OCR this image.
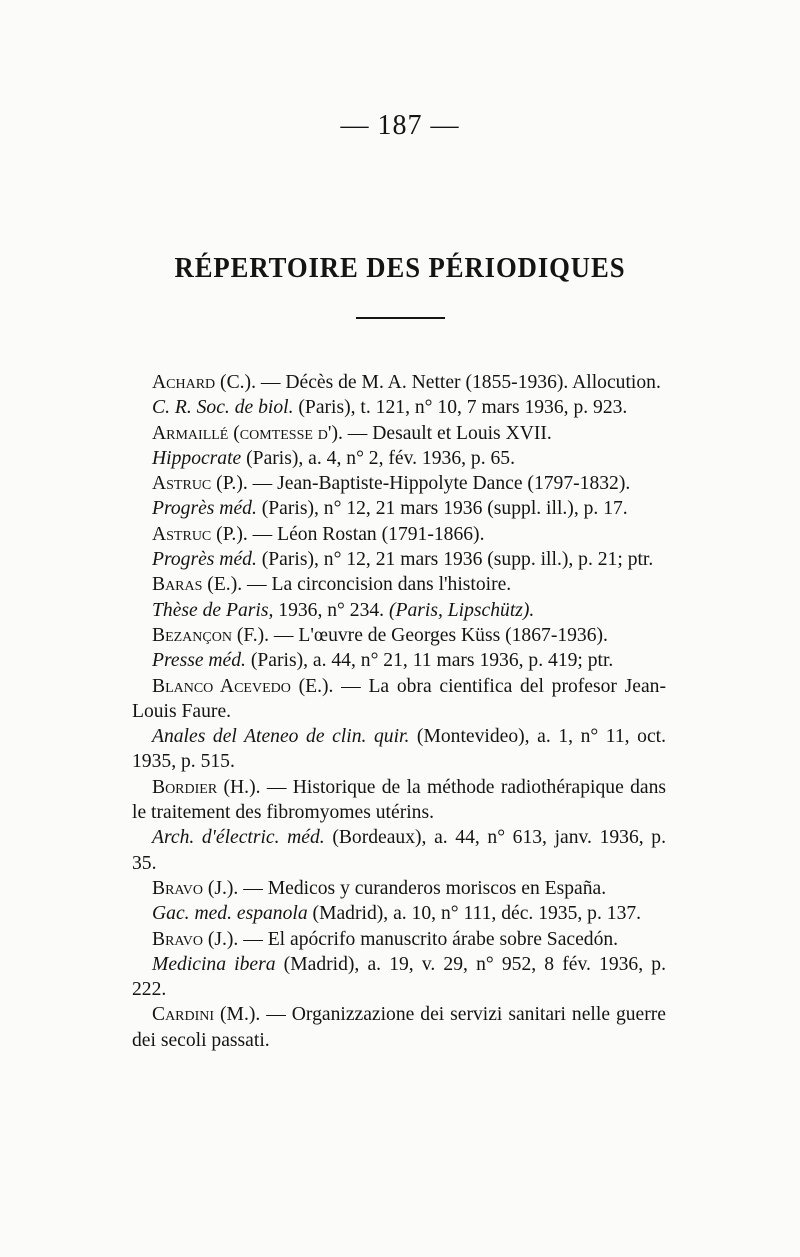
— 187 —
RÉPERTOIRE DES PÉRIODIQUES
Achard (C.). — Décès de M. A. Netter (1855-1936). Allocution.
C. R. Soc. de biol. (Paris), t. 121, n° 10, 7 mars 1936, p. 923.
Armaillé (comtesse d'). — Desault et Louis XVII.
Hippocrate (Paris), a. 4, n° 2, fév. 1936, p. 65.
Astruc (P.). — Jean-Baptiste-Hippolyte Dance (1797-1832).
Progrès méd. (Paris), n° 12, 21 mars 1936 (suppl. ill.), p. 17.
Astruc (P.). — Léon Rostan (1791-1866).
Progrès méd. (Paris), n° 12, 21 mars 1936 (supp. ill.), p. 21; ptr.
Baras (E.). — La circoncision dans l'histoire.
Thèse de Paris, 1936, n° 234. (Paris, Lipschütz).
Bezançon (F.). — L'œuvre de Georges Küss (1867-1936).
Presse méd. (Paris), a. 44, n° 21, 11 mars 1936, p. 419; ptr.
Blanco Acevedo (E.). — La obra cientifica del profesor Jean-Louis Faure.
Anales del Ateneo de clin. quir. (Montevideo), a. 1, n° 11, oct. 1935, p. 515.
Bordier (H.). — Historique de la méthode radiothérapique dans le traitement des fibromyomes utérins.
Arch. d'électric. méd. (Bordeaux), a. 44, n° 613, janv. 1936, p. 35.
Bravo (J.). — Medicos y curanderos moriscos en España.
Gac. med. espanola (Madrid), a. 10, n° 111, déc. 1935, p. 137.
Bravo (J.). — El apócrifo manuscrito árabe sobre Sacedón.
Medicina ibera (Madrid), a. 19, v. 29, n° 952, 8 fév. 1936, p. 222.
Cardini (M.). — Organizzazione dei servizi sanitari nelle guerre dei secoli passati.
